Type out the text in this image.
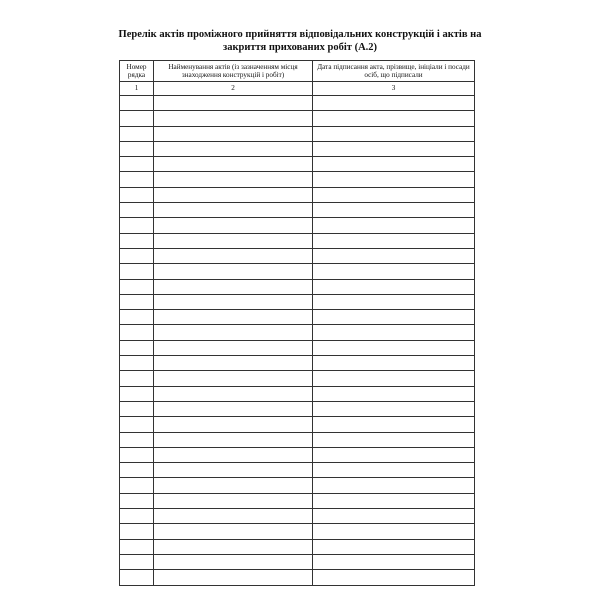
Перелік актів проміжного прийняття відповідальних конструкцій і актів на
закриття прихованих робіт (А.2)
Номер рядка	Найменування актів (із зазначенням місця знаходження конструкцій і робіт)	Дата підписання акта, прізвище, ініціали і посади осіб, що підписали
1	2	3
